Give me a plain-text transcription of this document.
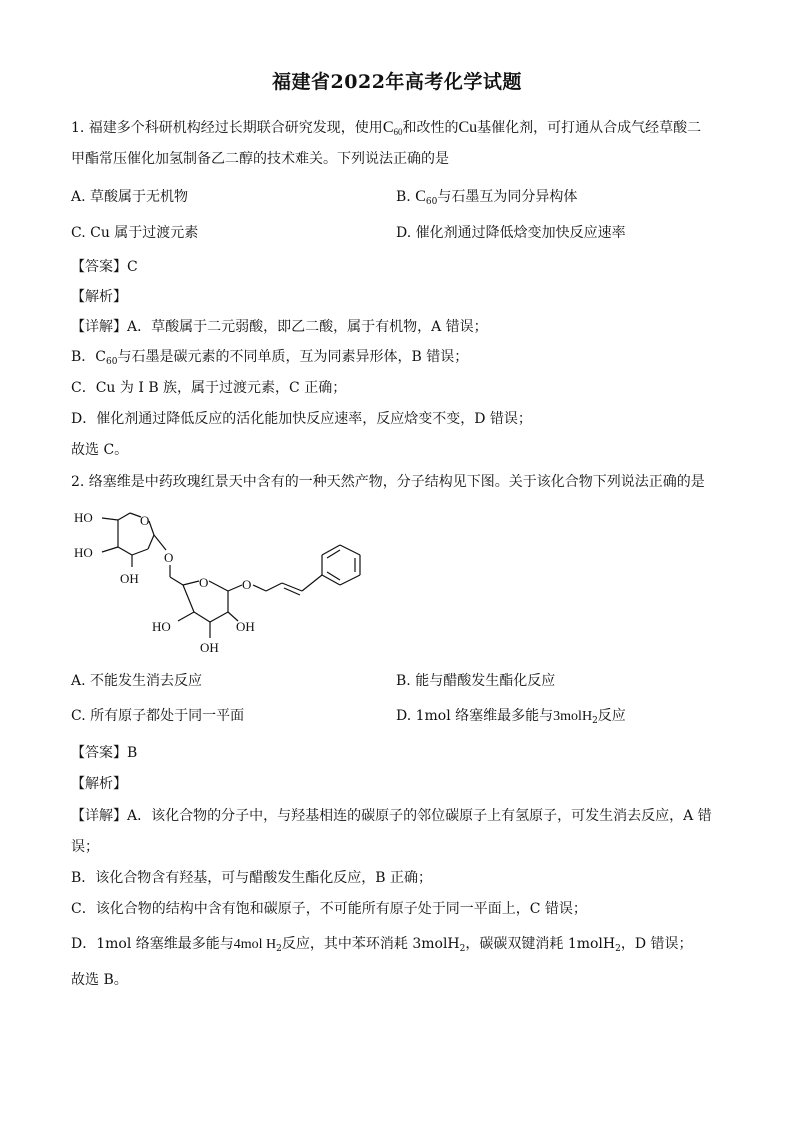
福建省2022年高考化学试题
1. 福建多个科研机构经过长期联合研究发现，使用$C_{60}$和改性的Cu基催化剂，可打通从合成气经草酸二
甲酯常压催化加氢制备乙二醇的技术难关。下列说法正确的是
A. 草酸属于无机物	B. $C_{60}$与石墨互为同分异构体
C. Cu 属于过渡元素	D. 催化剂通过降低焓变加快反应速率
【答案】C
【解析】
【详解】A．草酸属于二元弱酸，即乙二酸，属于有机物，A 错误；
B．$C_{60}$与石墨是碳元素的不同单质，互为同素异形体，B 错误；
C．Cu 为 I B 族，属于过渡元素，C 正确；
D．催化剂通过降低反应的活化能加快反应速率，反应焓变不变，D 错误；
故选 C。
2. 络塞维是中药玫瑰红景天中含有的一种天然产物，分子结构见下图。关于该化合物下列说法正确的是
HO	O
HO
OH
O
O	O
HO	OH
OH
A. 不能发生消去反应	B. 能与醋酸发生酯化反应
C. 所有原子都处于同一平面	D. 1mol 络塞维最多能与3molH$_2$反应
【答案】B
【解析】
【详解】A．该化合物的分子中，与羟基相连的碳原子的邻位碳原子上有氢原子，可发生消去反应，A 错
误；
B．该化合物含有羟基，可与醋酸发生酯化反应，B 正确；
C．该化合物的结构中含有饱和碳原子，不可能所有原子处于同一平面上，C 错误；
D．1mol 络塞维最多能与4mol $H_2$反应，其中苯环消耗 3molH$_2$，碳碳双键消耗 1molH$_2$，D 错误；
故选 B。
